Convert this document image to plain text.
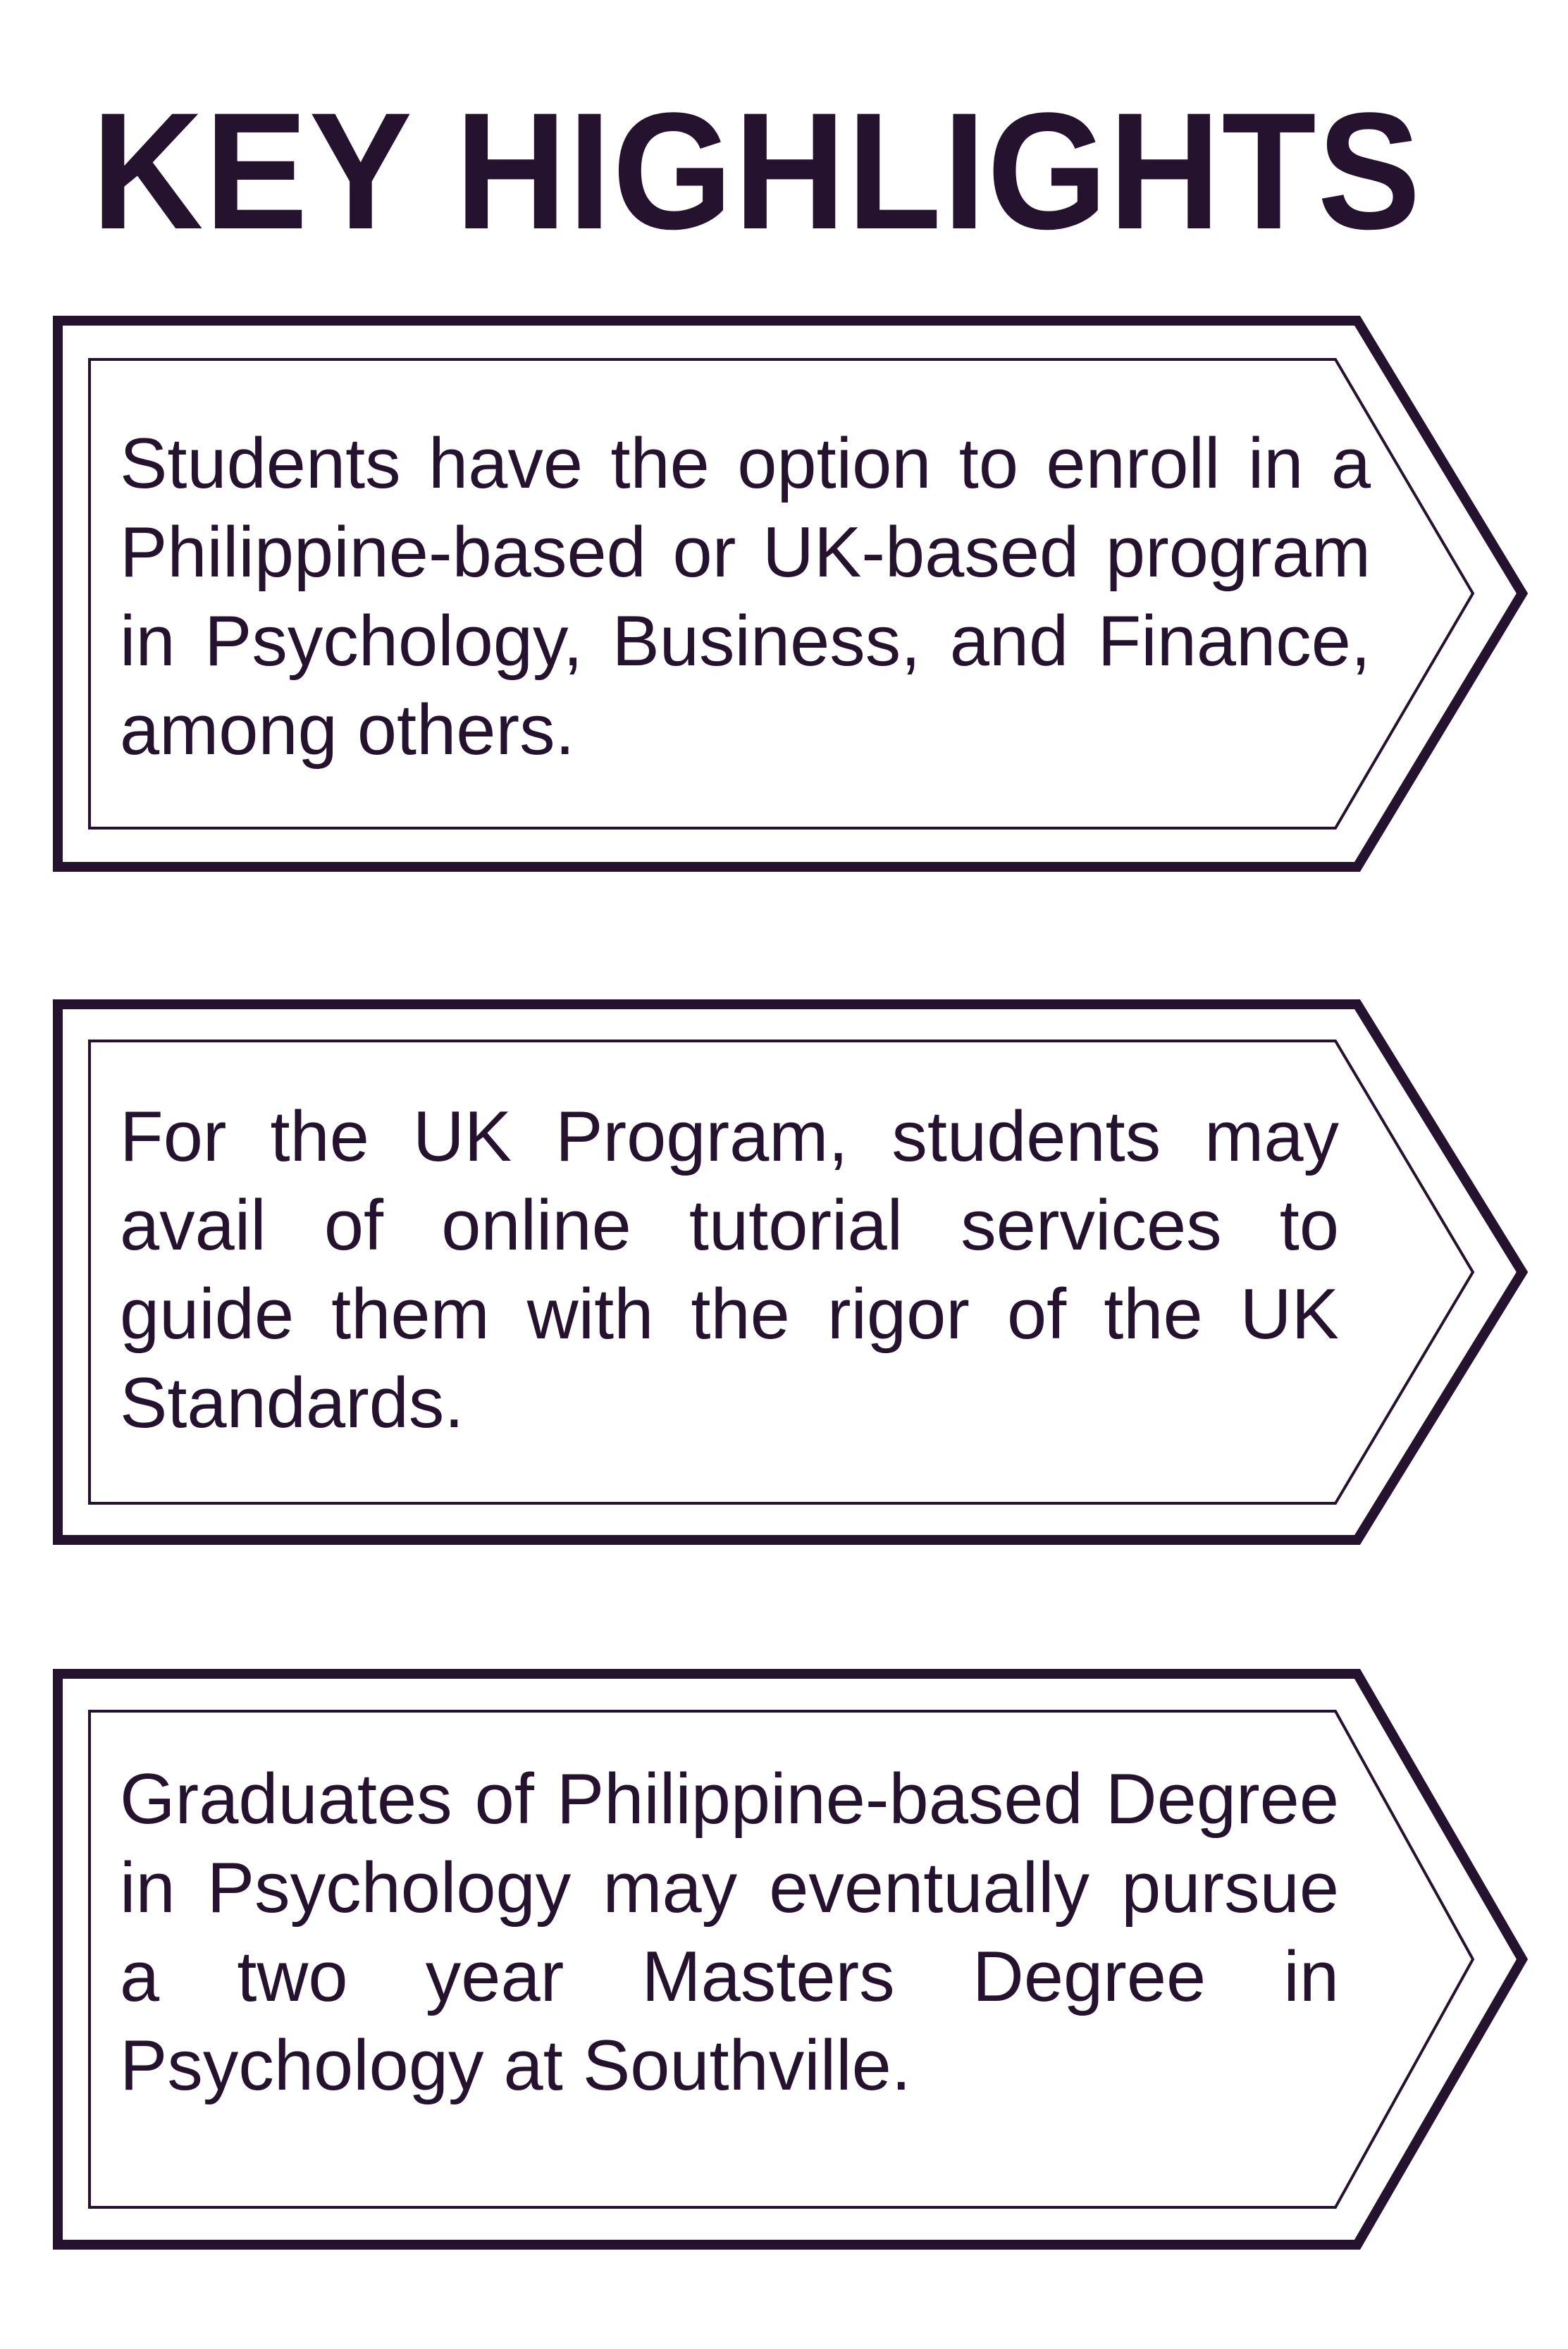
KEY HIGHLIGHTS

Students have the option to enroll in a Philippine-based or UK-based program in Psychology, Business, and Finance, among others.

For the UK Program, students may avail of online tutorial services to guide them with the rigor of the UK Standards.

Graduates of Philippine-based Degree in Psychology may eventually pursue a two year Masters Degree in Psychology at Southville.
